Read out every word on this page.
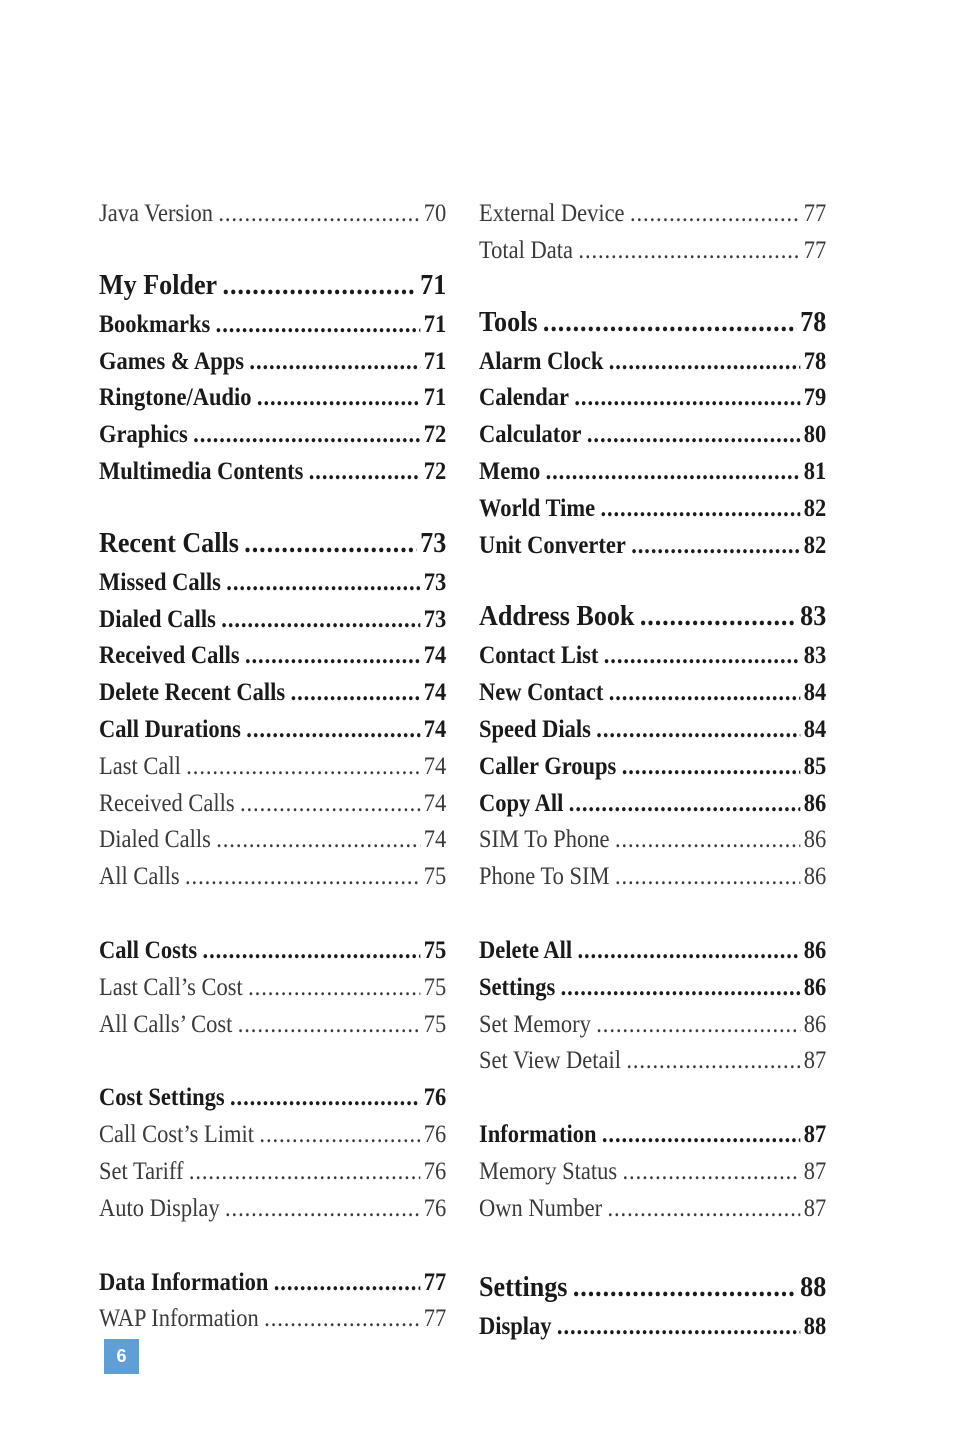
Java Version .....	70
My Folder .....	71
Bookmarks .....	71
Games & Apps .....	71
Ringtone/Audio .....	71
Graphics .....	72
Multimedia Contents .....	72
Recent Calls .....	73
Missed Calls .....	73
Dialed Calls .....	73
Received Calls .....	74
Delete Recent Calls .....	74
Call Durations .....	74
Last Call .....	74
Received Calls .....	74
Dialed Calls .....	74
All Calls .....	75
Call Costs .....	75
Last Call’s Cost .....	75
All Calls’ Cost .....	75
Cost Settings .....	76
Call Cost’s Limit .....	76
Set Tariff .....	76
Auto Display .....	76
Data Information .....	77
WAP Information .....	77
External Device .....	77
Total Data .....	77
Tools .....	78
Alarm Clock .....	78
Calendar .....	79
Calculator .....	80
Memo .....	81
World Time .....	82
Unit Converter .....	82
Address Book .....	83
Contact List .....	83
New Contact .....	84
Speed Dials .....	84
Caller Groups .....	85
Copy All .....	86
SIM To Phone .....	86
Phone To SIM .....	86
Delete All .....	86
Settings .....	86
Set Memory .....	86
Set View Detail .....	87
Information .....	87
Memory Status .....	87
Own Number .....	87
Settings .....	88
Display .....	88
6
